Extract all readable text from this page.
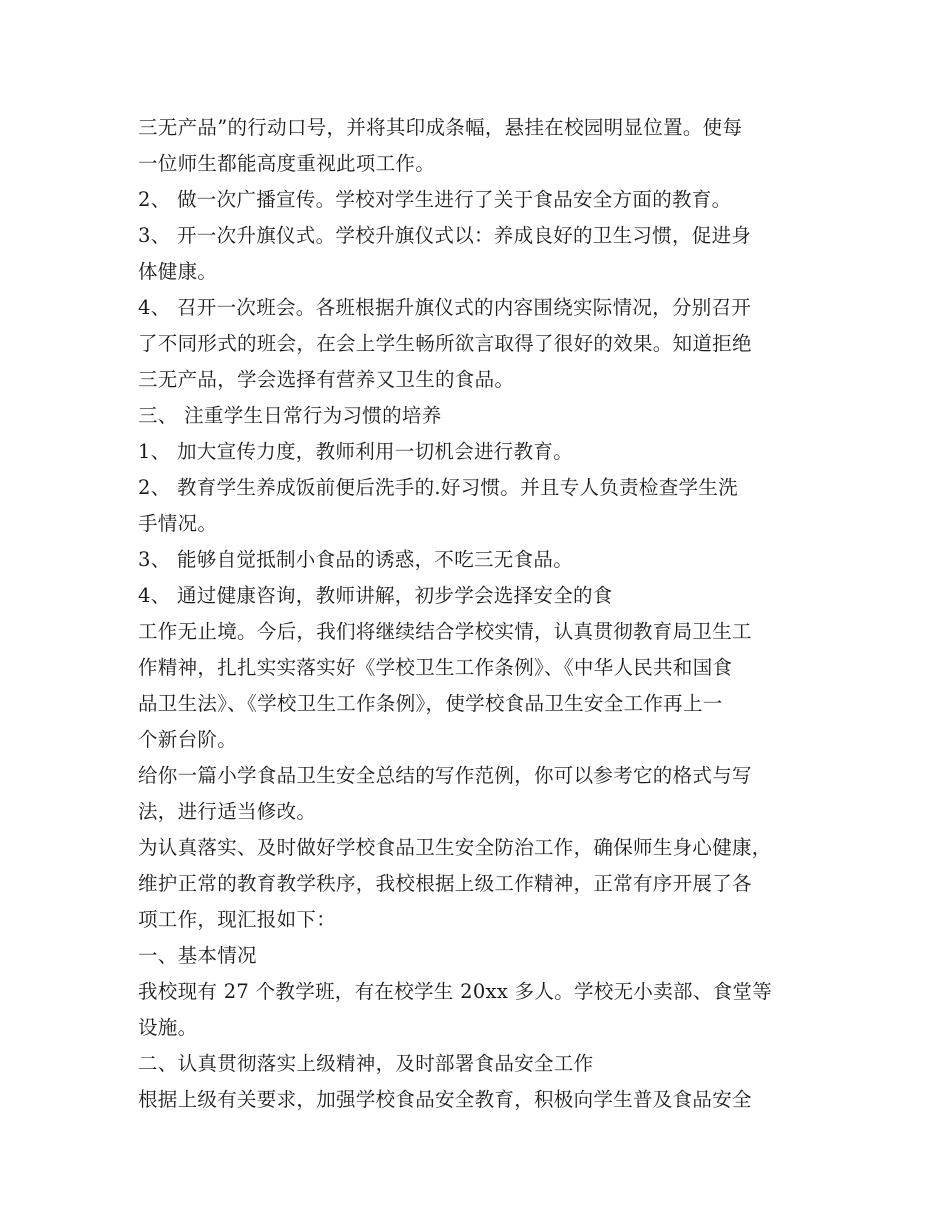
三无产品”的行动口号，并将其印成条幅，悬挂在校园明显位置。使每
一位师生都能高度重视此项工作。
2、 做一次广播宣传。学校对学生进行了关于食品安全方面的教育。
3、 开一次升旗仪式。学校升旗仪式以：养成良好的卫生习惯，促进身
体健康。
4、 召开一次班会。各班根据升旗仪式的内容围绕实际情况，分别召开
了不同形式的班会，在会上学生畅所欲言取得了很好的效果。知道拒绝
三无产品，学会选择有营养又卫生的食品。
三、 注重学生日常行为习惯的培养
1、 加大宣传力度，教师利用一切机会进行教育。
2、 教育学生养成饭前便后洗手的.好习惯。并且专人负责检查学生洗
手情况。
3、 能够自觉抵制小食品的诱惑，不吃三无食品。
4、 通过健康咨询，教师讲解，初步学会选择安全的食
工作无止境。今后，我们将继续结合学校实情，认真贯彻教育局卫生工
作精神，扎扎实实落实好《学校卫生工作条例》、《中华人民共和国食
品卫生法》、《学校卫生工作条例》，使学校食品卫生安全工作再上一
个新台阶。
给你一篇小学食品卫生安全总结的写作范例，你可以参考它的格式与写
法，进行适当修改。
为认真落实、及时做好学校食品卫生安全防治工作，确保师生身心健康，
维护正常的教育教学秩序，我校根据上级工作精神，正常有序开展了各
项工作，现汇报如下：
一、基本情况
我校现有 27 个教学班，有在校学生 20xx 多人。学校无小卖部、食堂等
设施。
二、认真贯彻落实上级精神，及时部署食品安全工作
根据上级有关要求，加强学校食品安全教育，积极向学生普及食品安全
